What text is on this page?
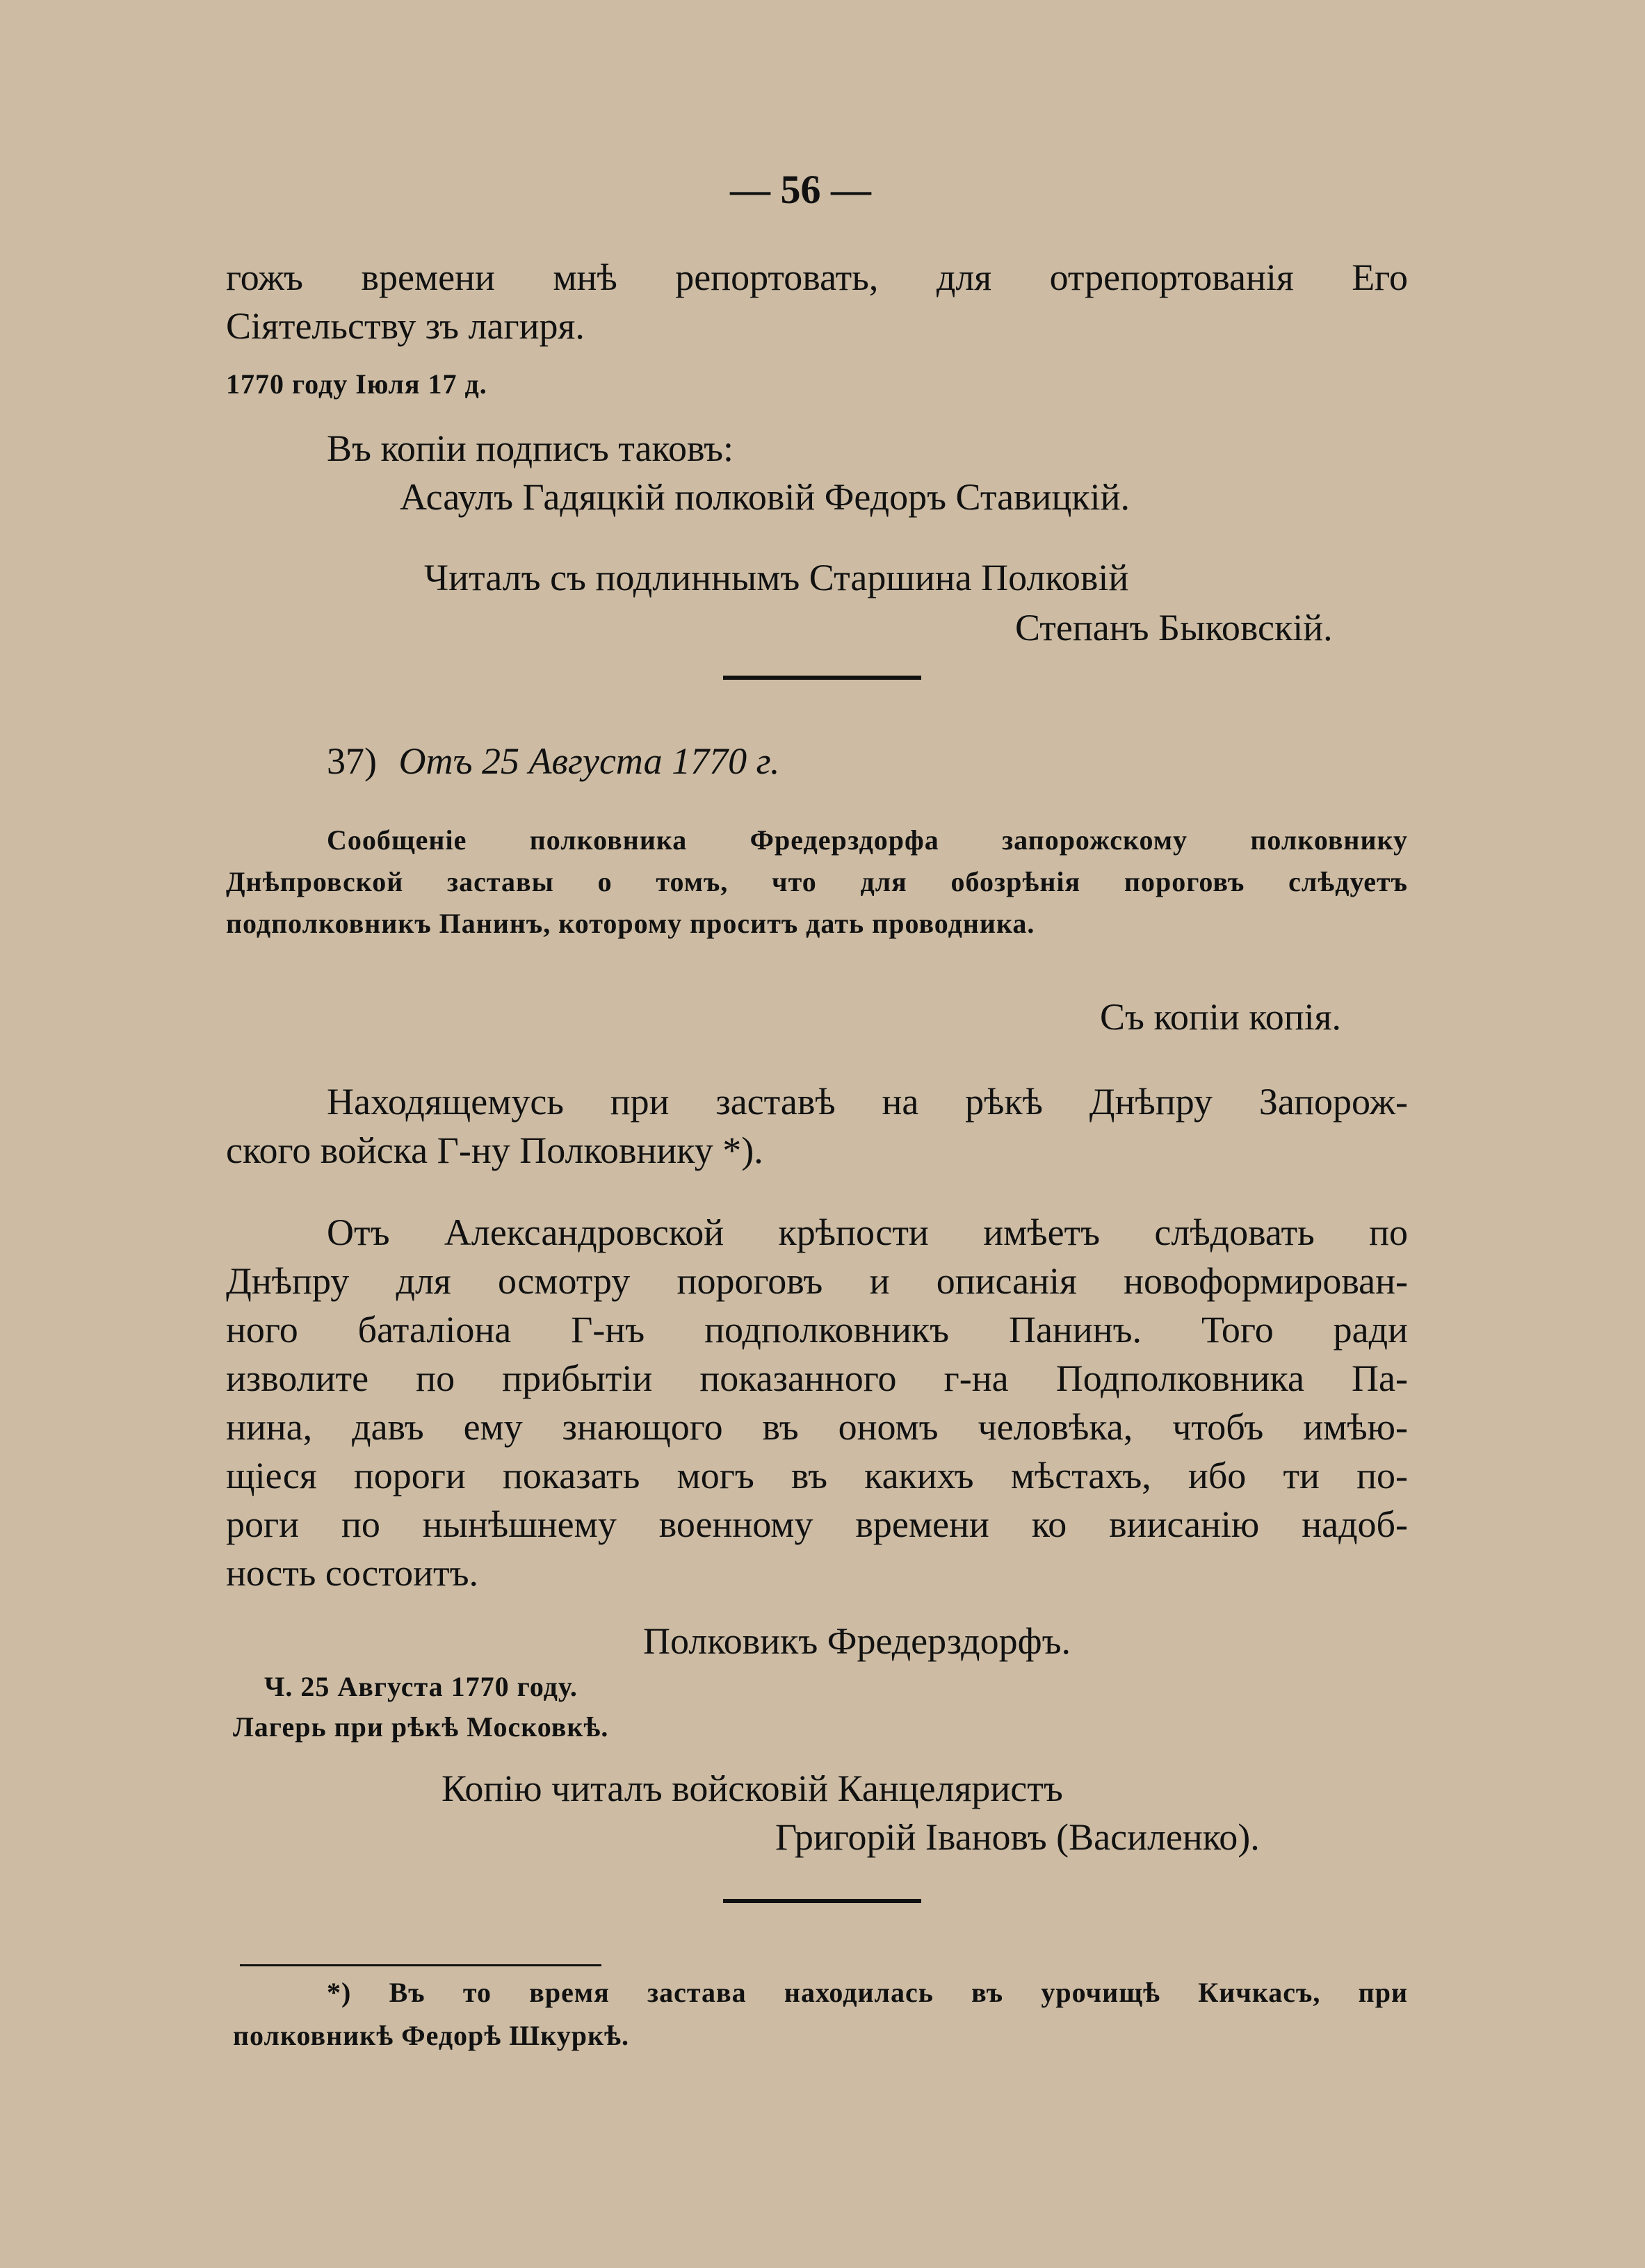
— 56 —
гожъ времени мнѣ репортовать, для отрепортованія Его
Сіятельству зъ лагиря.
1770 году Іюля 17 д.
Въ копіи подписъ таковъ:
Асаулъ Гадяцкій полковій Федоръ Ставицкій.
Читалъ съ подлиннымъ Старшина Полковій
Степанъ Быковскій.
37) Отъ 25 Августа 1770 г.
Сообщеніе полковника Фредерздорфа запорожскому полковнику
Днѣпровской заставы о томъ, что для обозрѣнія пороговъ слѣдуетъ
подполковникъ Панинъ, которому проситъ дать проводника.
Съ копіи копія.
Находящемусь при заставѣ на рѣкѣ Днѣпру Запорож-
ского войска Г-ну Полковнику *).
Отъ Александровской крѣпости имѣетъ слѣдовать по
Днѣпру для осмотру пороговъ и описанія новоформирован-
ного баталіона Г-нъ подполковникъ Панинъ. Того ради
изволите по прибытіи показанного г-на Подполковника Па-
нина, давъ ему знающого въ ономъ человѣка, чтобъ имѣю-
щіеся пороги показать могъ въ какихъ мѣстахъ, ибо ти по-
роги по нынѣшнему военному времени ко виисанію надоб-
ность состоитъ.
Полковикъ Фредерздорфъ.
Ч. 25 Августа 1770 году.
Лагерь при рѣкѣ Московкѣ.
Копію читалъ войсковій Канцеляристъ
Григорій Івановъ (Василенко).
*) Въ то время застава находилась въ урочищѣ Кичкасъ, при
полковникѣ Федорѣ Шкуркѣ.
